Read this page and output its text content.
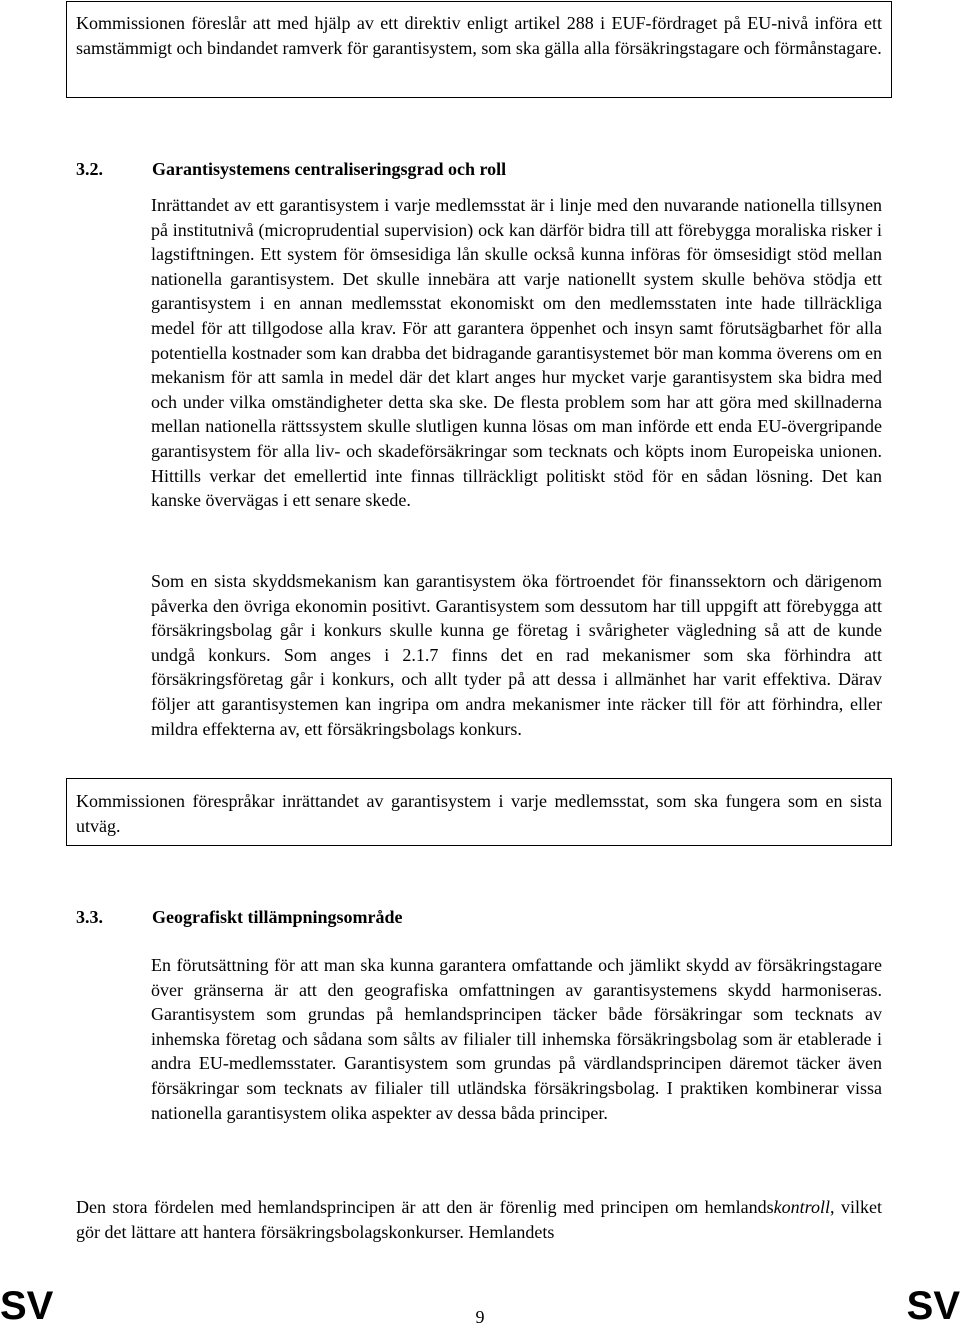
Kommissionen föreslår att med hjälp av ett direktiv enligt artikel 288 i EUF-fördraget på EU-nivå införa ett samstämmigt och bindandet ramverk för garantisystem, som ska gälla alla försäkringstagare och förmånstagare.

3.2.	Garantisystemens centraliseringsgrad och roll

Inrättandet av ett garantisystem i varje medlemsstat är i linje med den nuvarande nationella tillsynen på institutnivå (microprudential supervision) ock kan därför bidra till att förebygga moraliska risker i lagstiftningen. Ett system för ömsesidiga lån skulle också kunna införas för ömsesidigt stöd mellan nationella garantisystem. Det skulle innebära att varje nationellt system skulle behöva stödja ett garantisystem i en annan medlemsstat ekonomiskt om den medlemsstaten inte hade tillräckliga medel för att tillgodose alla krav. För att garantera öppenhet och insyn samt förutsägbarhet för alla potentiella kostnader som kan drabba det bidragande garantisystemet bör man komma överens om en mekanism för att samla in medel där det klart anges hur mycket varje garantisystem ska bidra med och under vilka omständigheter detta ska ske. De flesta problem som har att göra med skillnaderna mellan nationella rättssystem skulle slutligen kunna lösas om man införde ett enda EU-övergripande garantisystem för alla liv- och skadeförsäkringar som tecknats och köpts inom Europeiska unionen. Hittills verkar det emellertid inte finnas tillräckligt politiskt stöd för en sådan lösning. Det kan kanske övervägas i ett senare skede.

Som en sista skyddsmekanism kan garantisystem öka förtroendet för finanssektorn och därigenom påverka den övriga ekonomin positivt. Garantisystem som dessutom har till uppgift att förebygga att försäkringsbolag går i konkurs skulle kunna ge företag i svårigheter vägledning så att de kunde undgå konkurs. Som anges i 2.1.7 finns det en rad mekanismer som ska förhindra att försäkringsföretag går i konkurs, och allt tyder på att dessa i allmänhet har varit effektiva. Därav följer att garantisystemen kan ingripa om andra mekanismer inte räcker till för att förhindra, eller mildra effekterna av, ett försäkringsbolags konkurs.

Kommissionen förespråkar inrättandet av garantisystem i varje medlemsstat, som ska fungera som en sista utväg.

3.3.	Geografiskt tillämpningsområde

En förutsättning för att man ska kunna garantera omfattande och jämlikt skydd av försäkringstagare över gränserna är att den geografiska omfattningen av garantisystemens skydd harmoniseras. Garantisystem som grundas på hemlandsprincipen täcker både försäkringar som tecknats av inhemska företag och sådana som sålts av filialer till inhemska försäkringsbolag som är etablerade i andra EU-medlemsstater. Garantisystem som grundas på värdlandsprincipen däremot täcker även försäkringar som tecknats av filialer till utländska försäkringsbolag. I praktiken kombinerar vissa nationella garantisystem olika aspekter av dessa båda principer.

Den stora fördelen med hemlandsprincipen är att den är förenlig med principen om hemlandskontroll, vilket gör det lättare att hantera försäkringsbolagskonkurser. Hemlandets

SV	9	SV
